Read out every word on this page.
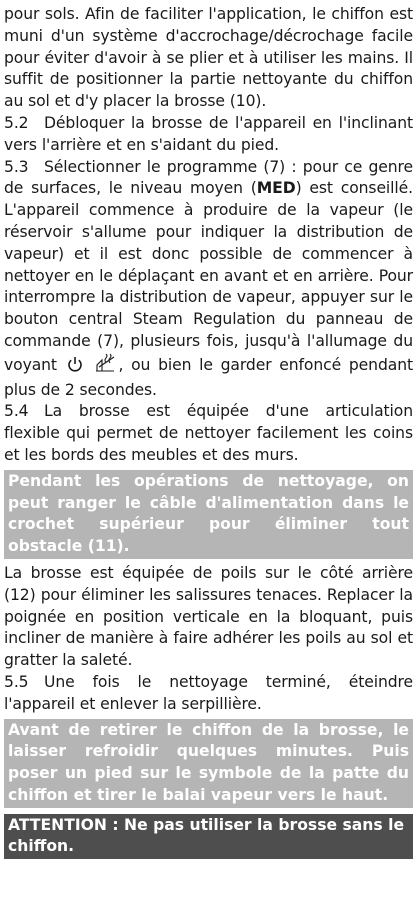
pour sols. Afin de faciliter l'application, le chiffon est muni d'un système d'accrochage/décrochage facile pour éviter d'avoir à se plier et à utiliser les mains. Il suffit de positionner la partie nettoyante du chiffon au sol et d'y placer la brosse (10).

5.2 Débloquer la brosse de l'appareil en l'inclinant vers l'arrière et en s'aidant du pied.

5.3 Sélectionner le programme (7) : pour ce genre de surfaces, le niveau moyen (MED) est conseillé. L'appareil commence à produire de la vapeur (le réservoir s'allume pour indiquer la distribution de vapeur) et il est donc possible de commencer à nettoyer en le déplaçant en avant et en arrière. Pour interrompre la distribution de vapeur, appuyer sur le bouton central Steam Regulation du panneau de commande (7), plusieurs fois, jusqu'à l'allumage du voyant	, ou bien le garder enfoncé pendant plus de 2 secondes.

5.4 La brosse est équipée d'une articulation flexible qui permet de nettoyer facilement les coins et les bords des meubles et des murs.

Pendant les opérations de nettoyage, on peut ranger le câble d'alimentation dans le crochet supérieur pour éliminer tout obstacle (11).

La brosse est équipée de poils sur le côté arrière (12) pour éliminer les salissures tenaces. Replacer la poignée en position verticale en la bloquant, puis incliner de manière à faire adhérer les poils au sol et gratter la saleté.

5.5 Une fois le nettoyage terminé, éteindre l'appareil et enlever la serpillière.

Avant de retirer le chiffon de la brosse, le laisser refroidir quelques minutes. Puis poser un pied sur le symbole de la patte du chiffon et tirer le balai vapeur vers le haut.
ATTENTION : Ne pas utiliser la brosse sans le chiffon.
